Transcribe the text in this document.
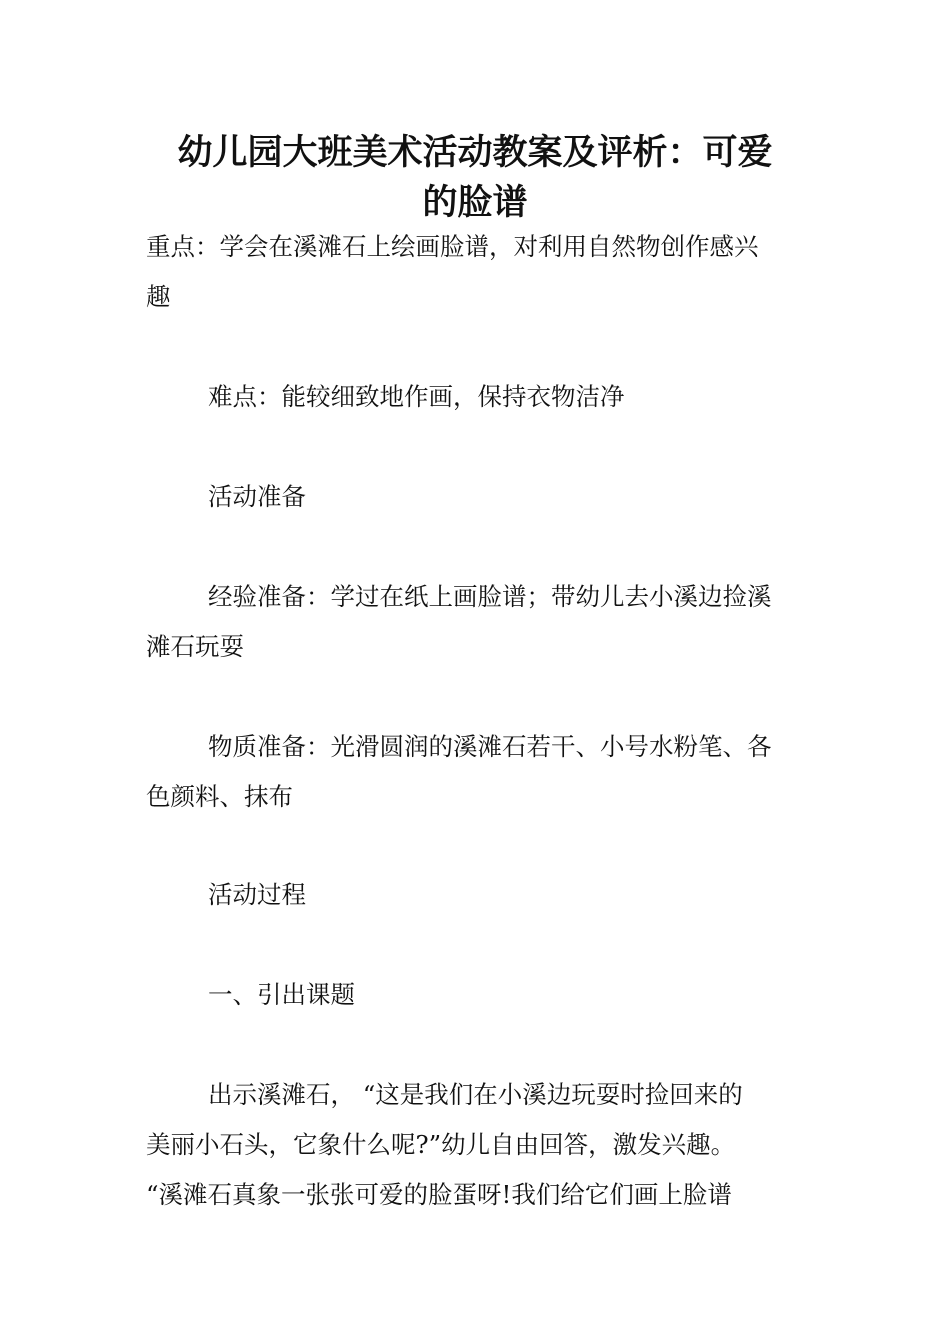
幼儿园大班美术活动教案及评析：可爱
的脸谱
重点：学会在溪滩石上绘画脸谱，对利用自然物创作感兴
趣
难点：能较细致地作画，保持衣物洁净
活动准备
经验准备：学过在纸上画脸谱；带幼儿去小溪边捡溪
滩石玩耍
物质准备：光滑圆润的溪滩石若干、小号水粉笔、各
色颜料、抹布
活动过程
一、引出课题
出示溪滩石， “这是我们在小溪边玩耍时捡回来的
美丽小石头，它象什么呢?”幼儿自由回答，激发兴趣。
“溪滩石真象一张张可爱的脸蛋呀!我们给它们画上脸谱
